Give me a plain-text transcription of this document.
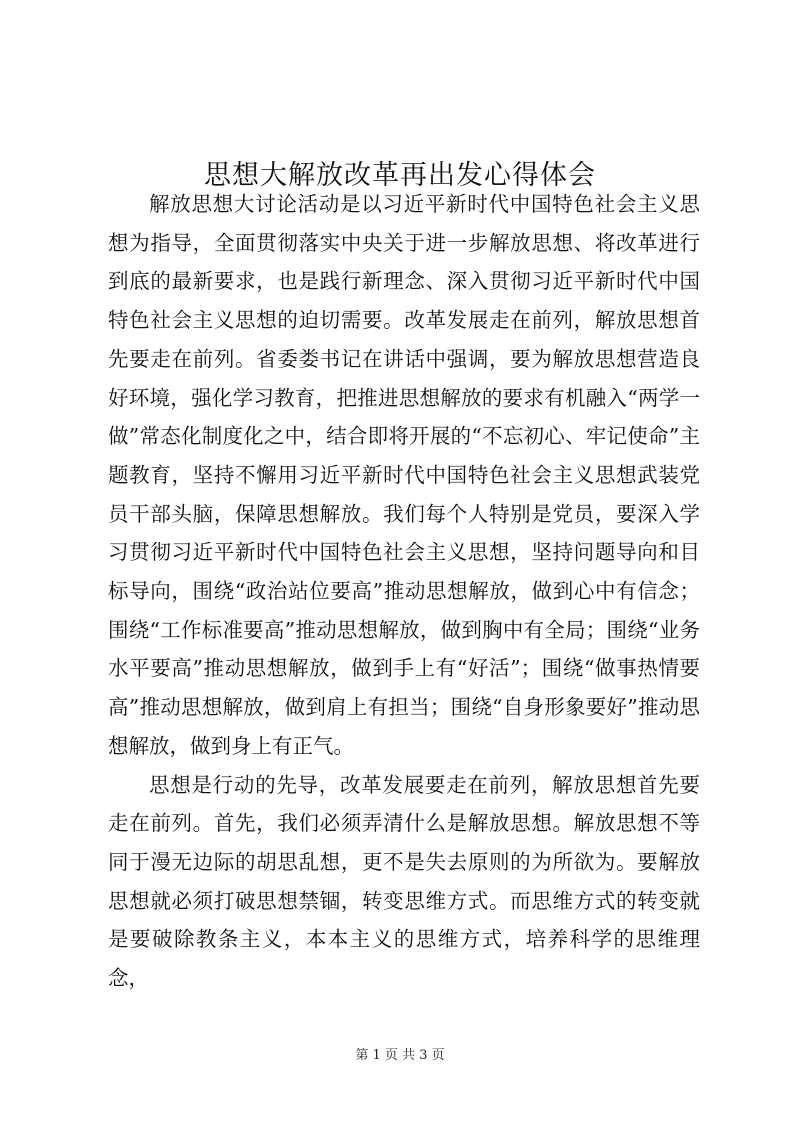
思想大解放改革再出发心得体会

解放思想大讨论活动是以习近平新时代中国特色社会主义思想为指导，全面贯彻落实中央关于进一步解放思想、将改革进行到底的最新要求，也是践行新理念、深入贯彻习近平新时代中国特色社会主义思想的迫切需要。改革发展走在前列，解放思想首先要走在前列。省委娄书记在讲话中强调，要为解放思想营造良好环境，强化学习教育，把推进思想解放的要求有机融入“两学一做”常态化制度化之中，结合即将开展的“不忘初心、牢记使命”主题教育，坚持不懈用习近平新时代中国特色社会主义思想武装党员干部头脑，保障思想解放。我们每个人特别是党员，要深入学习贯彻习近平新时代中国特色社会主义思想，坚持问题导向和目标导向，围绕“政治站位要高”推动思想解放，做到心中有信念；围绕“工作标准要高”推动思想解放，做到胸中有全局；围绕“业务水平要高”推动思想解放，做到手上有“好活”；围绕“做事热情要高”推动思想解放，做到肩上有担当；围绕“自身形象要好”推动思想解放，做到身上有正气。

思想是行动的先导，改革发展要走在前列，解放思想首先要走在前列。首先，我们必须弄清什么是解放思想。解放思想不等同于漫无边际的胡思乱想，更不是失去原则的为所欲为。要解放思想就必须打破思想禁锢，转变思维方式。而思维方式的转变就是要破除教条主义，本本主义的思维方式，培养科学的思维理念，

第 1 页 共 3 页
